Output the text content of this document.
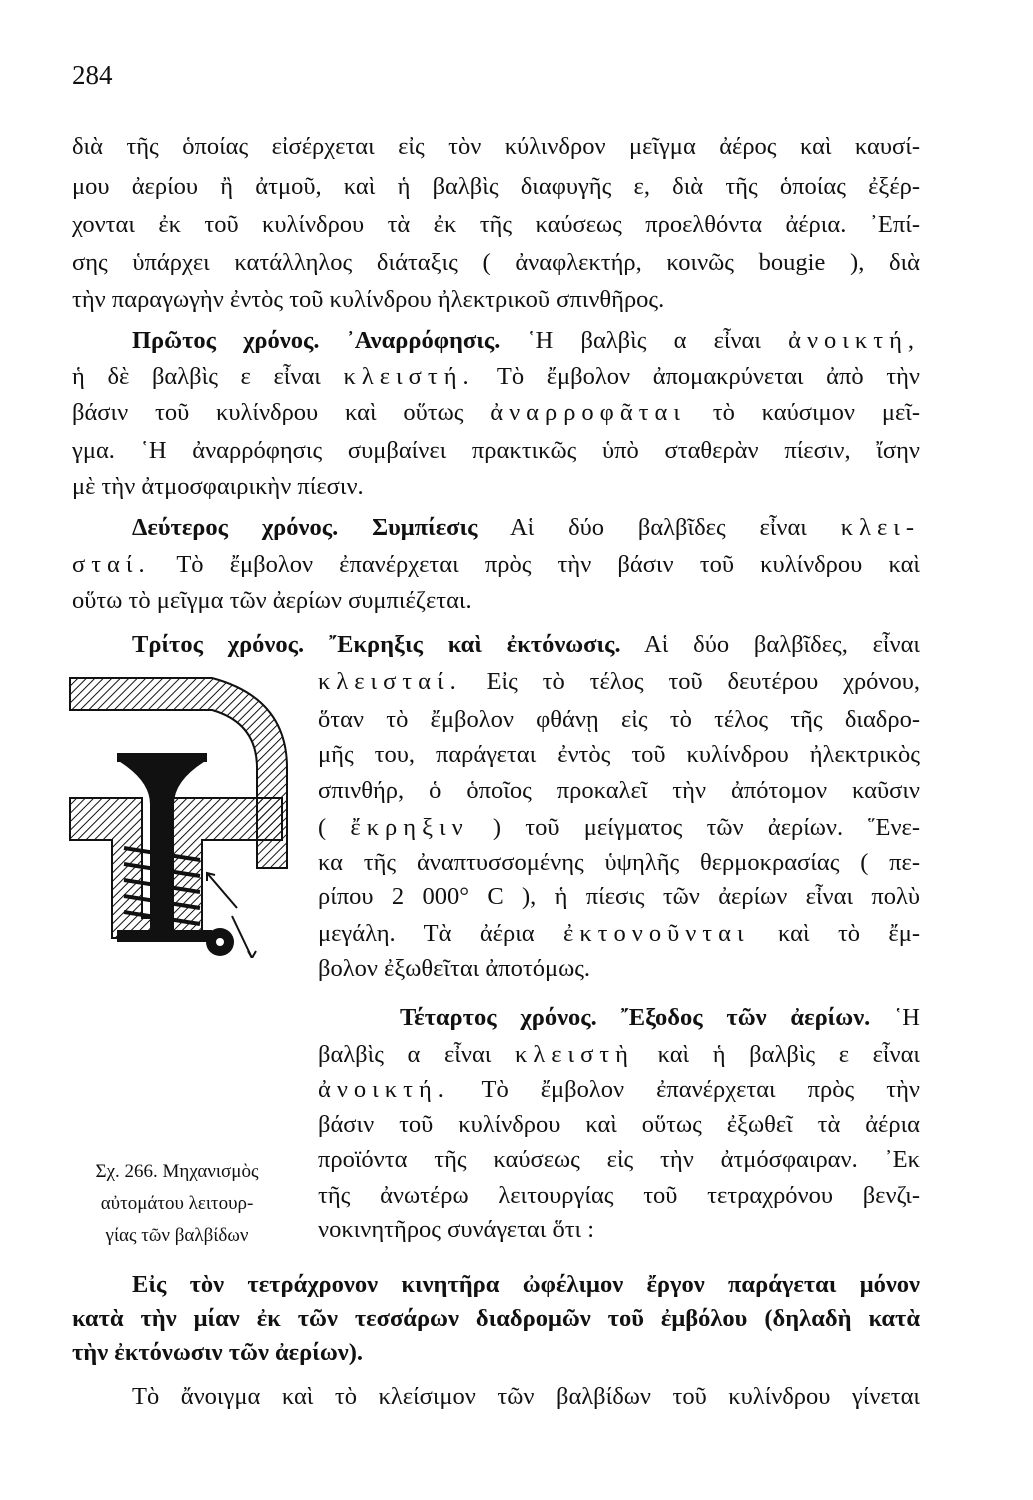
284
διὰ τῆς ὁποίας εἰσέρχεται εἰς τὸν κύλινδρον μεῖγμα ἀέρος καὶ καυσί-
μου ἀερίου ἢ ἀτμοῦ, καὶ ἡ βαλβὶς διαφυγῆς ε, διὰ τῆς ὁποίας ἐξέρ-
χονται ἐκ τοῦ κυλίνδρου τὰ ἐκ τῆς καύσεως προελθόντα ἀέρια. ᾿Επί-
σης ὑπάρχει κατάλληλος διάταξις ( ἀναφλεκτήρ, κοινῶς bougie ), διὰ
τὴν παραγωγὴν ἐντὸς τοῦ κυλίνδρου ἠλεκτρικοῦ σπινθῆρος.
Πρῶτος χρόνος. ᾿Αναρρόφησις. ῾Η βαλβὶς α εἶναι ἀνοικτή,
ἡ δὲ βαλβὶς ε εἶναι κλειστή. Τὸ ἔμβολον ἀπομακρύνεται ἀπὸ τὴν
βάσιν τοῦ κυλίνδρου καὶ οὕτως ἀναρροφᾶται τὸ καύσιμον μεῖ-
γμα. ῾Η ἀναρρόφησις συμβαίνει πρακτικῶς ὑπὸ σταθερὰν πίεσιν, ἴσην
μὲ τὴν ἀτμοσφαιρικὴν πίεσιν.
Δεύτερος χρόνος. Συμπίεσις Αἱ δύο βαλβῖδες εἶναι κλει-
σταί. Τὸ ἔμβολον ἐπανέρχεται πρὸς τὴν βάσιν τοῦ κυλίνδρου καὶ
οὕτω τὸ μεῖγμα τῶν ἀερίων συμπιέζεται.
Τρίτος χρόνος. ῎Εκρηξις καὶ ἐκτόνωσις. Αἱ δύο βαλβῖδες, εἶναι
κλεισταί. Εἰς τὸ τέλος τοῦ δευτέρου χρόνου,
ὅταν τὸ ἔμβολον φθάνῃ εἰς τὸ τέλος τῆς διαδρο-
μῆς του, παράγεται ἐντὸς τοῦ κυλίνδρου ἠλεκτρικὸς
σπινθήρ, ὁ ὁποῖος προκαλεῖ τὴν ἀπότομον καῦσιν
( ἔκρηξιν ) τοῦ μείγματος τῶν ἀερίων. ῞Ενε-
κα τῆς ἀναπτυσσομένης ὑψηλῆς θερμοκρασίας ( πε-
ρίπου 2 000° C ), ἡ πίεσις τῶν ἀερίων εἶναι πολὺ
μεγάλη. Τὰ ἀέρια ἐκτονοῦνται καὶ τὸ ἔμ-
βολον ἐξωθεῖται ἀποτόμως.
Τέταρτος χρόνος. ῎Εξοδος τῶν ἀερίων. ῾Η
βαλβὶς α εἶναι κλειστὴ καὶ ἡ βαλβὶς ε εἶναι
ἀνοικτή. Τὸ ἔμβολον ἐπανέρχεται πρὸς τὴν
βάσιν τοῦ κυλίνδρου καὶ οὕτως ἐξωθεῖ τὰ ἀέρια
προϊόντα τῆς καύσεως εἰς τὴν ἀτμόσφαιραν. ᾿Εκ
τῆς ἀνωτέρω λειτουργίας τοῦ τετραχρόνου βενζι-
νοκινητῆρος συνάγεται ὅτι :
Σχ. 266. Μηχανισμὸς
αὐτομάτου λειτουρ-
γίας τῶν βαλβίδων
Εἰς τὸν τετράχρονον κινητῆρα ὠφέλιμον ἔργον παράγεται μόνον
κατὰ τὴν μίαν ἐκ τῶν τεσσάρων διαδρομῶν τοῦ ἐμβόλου (δηλαδὴ κατὰ
τὴν ἐκτόνωσιν τῶν ἀερίων).
Τὸ ἄνοιγμα καὶ τὸ κλείσιμον τῶν βαλβίδων τοῦ κυλίνδρου γίνεται
